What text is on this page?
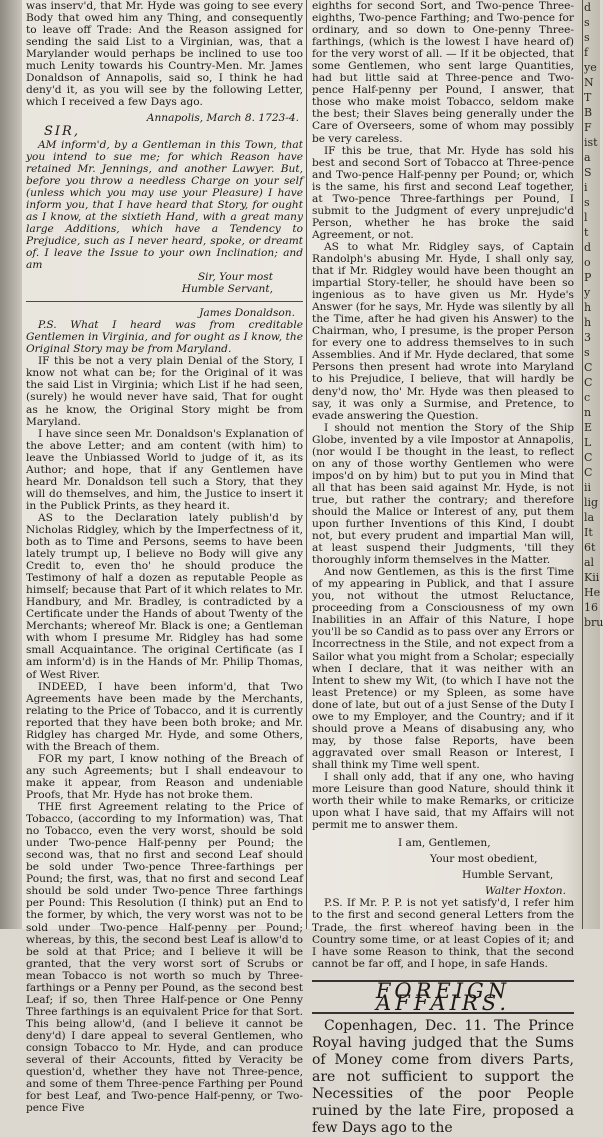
was inserv'd, that Mr. Hyde was going to see every Body that owed him any Thing, and consequently to leave off Trade: And the Reason assigned for sending the said List to a Virginian, was, that a Marylander would perhaps be inclined to use too much Lenity towards his Country-Men. Mr. James Donaldson of Annapolis, said so, I think he had deny'd it, as you will see by the following Letter, which I received a few Days ago.

Annapolis, March 8. 1723-4.
SIR,

AM inform'd, by a Gentleman in this Town, that you intend to sue me; for which Reason have retained Mr. Jennings, and another Lawyer. But, before you throw a needless Charge on your self (unless which you may use your Pleasure) I have inform you, that I have heard that Story, for ought as I know, at the sixtieth Hand, with a great many large Additions, which have a Tendency to Prejudice, such as I never heard, spoke, or dreamt of. I leave the Issue to your own Inclination; and am

Sir, Your most
Humble Servant,
James Donaldson.

P.S. What I heard was from creditable Gentlemen in Virginia, and for ought as I know, the Original Story may be from Maryland.

IF this be not a very plain Denial of the Story, I know not what can be; for the Original of it was the said List in Virginia; which List if he had seen, (surely) he would never have said, That for ought as he know, the Original Story might be from Maryland.

I have since seen Mr. Donaldson's Explanation of the above Letter; and am content (with him) to leave the Unbiassed World to judge of it, as its Author; and hope, that if any Gentlemen have heard Mr. Donaldson tell such a Story, that they will do themselves, and him, the Justice to insert it in the Publick Prints, as they heard it.

AS to the Declaration lately publish'd by Nicholas Ridgley, which by the Imperfectness of it, both as to Time and Persons, seems to have been lately trumpt up, I believe no Body will give any Credit to, even tho' he should produce the Testimony of half a dozen as reputable People as himself; because that Part of it which relates to Mr. Handbury, and Mr. Bradley, is contradicted by a Certificate under the Hands of about Twenty of the Merchants; whereof Mr. Black is one; a Gentleman with whom I presume Mr. Ridgley has had some small Acquaintance. The original Certificate (as I am inform'd) is in the Hands of Mr. Philip Thomas, of West River.

INDEED, I have been inform'd, that Two Agreements have been made by the Merchants, relating to the Price of Tobacco, and it is currently reported that they have been both broke; and Mr. Ridgley has charged Mr. Hyde, and some Others, with the Breach of them.

FOR my part, I know nothing of the Breach of any such Agreements; but I shall endeavour to make it appear, from Reason and undeniable Proofs, that Mr. Hyde has not broke them.

THE first Agreement relating to the Price of Tobacco, (according to my Information) was, That no Tobacco, even the very worst, should be sold under Two-pence Half-penny per Pound; the second was, that no first and second Leaf should be sold under Two-pence Three-farthings per Pound; the first, was, that no first and second Leaf should be sold under Two-pence Three farthings per Pound: This Resolution (I think) put an End to the former, by which, the very worst was not to be sold under Two-pence Half-penny per Pound; whereas, by this, the second best Leaf is allow'd to be sold at that Price; and I believe it will be granted, that the very worst sort of Scrubs or mean Tobacco is not worth so much by Three-farthings or a Penny per Pound, as the second best Leaf; if so, then Three Half-pence or One Penny Three farthings is an equivalent Price for that Sort. This being allow'd, (and I believe it cannot be deny'd) I dare appeal to several Gentlemen, who consign Tobacco to Mr. Hyde, and can produce several of their Accounts, fitted by Veracity be question'd, whether they have not Three-pence, and some of them Three-pence Farthing per Pound for best Leaf, and Two-pence Half-penny, or Two-pence Five

eighths for second Sort, and Two-pence Three-eighths, Two-pence Farthing; and Two-pence for ordinary, and so down to One-penny Three-farthings, (which is the lowest I have heard of) for the very worst of all. — If it be objected, that some Gentlemen, who sent large Quantities, had but little said at Three-pence and Two-pence Half-penny per Pound, I answer, that those who make moist Tobacco, seldom make the best; their Slaves being generally under the Care of Overseers, some of whom may possibly be very careless.

IF this be true, that Mr. Hyde has sold his best and second Sort of Tobacco at Three-pence and Two-pence Half-penny per Pound; or, which is the same, his first and second Leaf together, at Two-pence Three-farthings per Pound, I submit to the Judgment of every unprejudic'd Person, whether he has broke the said Agreement, or not.

AS to what Mr. Ridgley says, of Captain Randolph's abusing Mr. Hyde, I shall only say, that if Mr. Ridgley would have been thought an impartial Story-teller, he should have been so ingenious as to have given us Mr. Hyde's Answer (for he says, Mr. Hyde was silently by all the Time, after he had given his Answer) to the Chairman, who, I presume, is the proper Person for every one to address themselves to in such Assemblies. And if Mr. Hyde declared, that some Persons then present had wrote into Maryland to his Prejudice, I believe, that will hardly be deny'd now, tho' Mr. Hyde was then pleased to say, it was only a Surmise, and Pretence, to evade answering the Question.

I should not mention the Story of the Ship Globe, invented by a vile Impostor at Annapolis, (nor would I be thought in the least, to reflect on any of those worthy Gentlemen who were impos'd on by him) but to put you in Mind that all that has been said against Mr. Hyde, is not true, but rather the contrary; and therefore should the Malice or Interest of any, put them upon further Inventions of this Kind, I doubt not, but every prudent and impartial Man will, at least suspend their Judgments, 'till they thoroughly inform themselves in the Matter.

And now Gentlemen, as this is the first Time of my appearing in Publick, and that I assure you, not without the utmost Reluctance, proceeding from a Consciousness of my own Inabilities in an Affair of this Nature, I hope you'll be so Candid as to pass over any Errors or Incorrectness in the Stile, and not expect from a Sailor what you might from a Scholar; especially when I declare, that it was neither with an Intent to shew my Wit, (to which I have not the least Pretence) or my Spleen, as some have done of late, but out of a just Sense of the Duty I owe to my Employer, and the Country; and if it should prove a Means of disabusing any, who may, by those false Reports, have been aggravated over small Reason or Interest, I shall think my Time well spent.

I shall only add, that if any one, who having more Leisure than good Nature, should think it worth their while to make Remarks, or criticize upon what I have said, that my Affairs will not permit me to answer them.

I am, Gentlemen,
Your most obedient,
Humble Servant,
Walter Hoxton.

P.S. If Mr. P. P. is not yet satisfy'd, I refer him to the first and second general Letters from the Trade, the first whereof having been in the Country some time, or at least Copies of it; and I have some Reason to think, that the second cannot be far off, and I hope, in safe Hands.

FOREIGN AFFAIRS.

Copenhagen, Dec. 11. The Prince Royal having judged that the Sums of Money come from divers Parts, are not sufficient to support the Necessities of the poor People ruined by the late Fire, proposed a few Days ago to the

d
s
s
f
ye
N
T
B
F
ist
a
S
i
s
l
t
d
o
P
y
h
h
3
s
C
C
c
n
E
L
C
C
ii
lig
la
It
6t
al
Kii
He
16
bru
